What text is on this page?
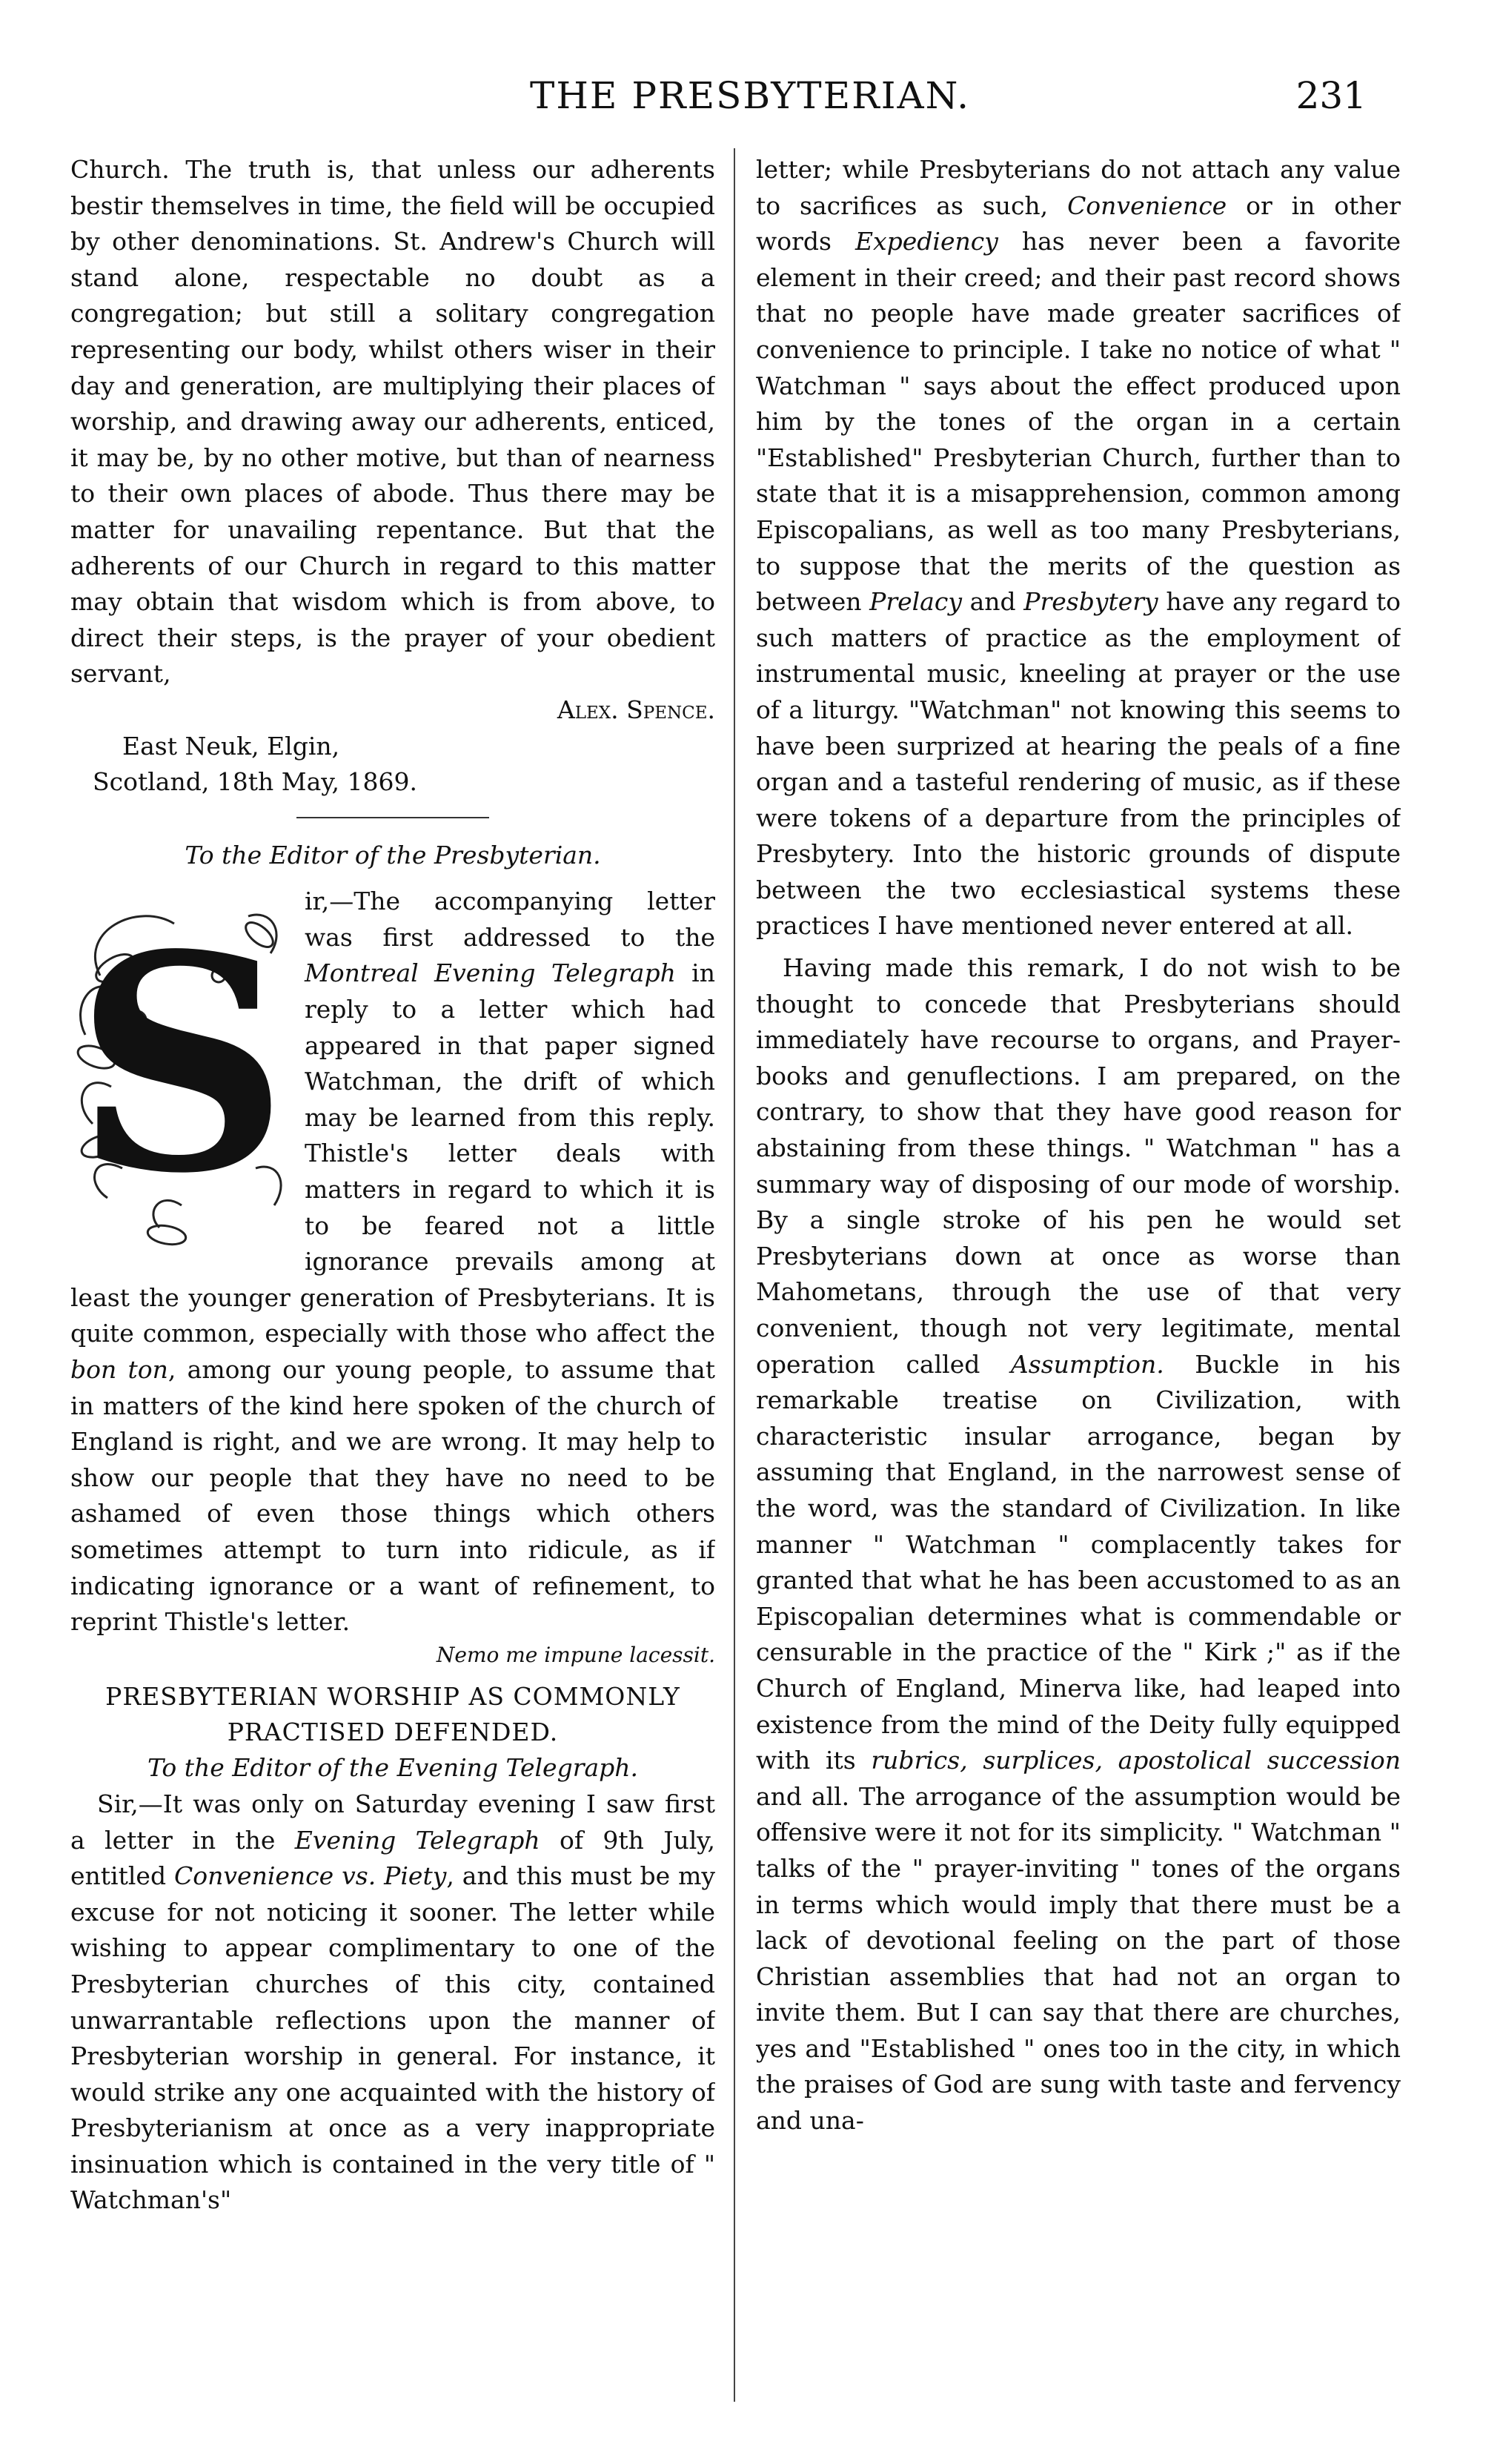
THE PRESBYTERIAN.	231

Church. The truth is, that unless our adherents bestir themselves in time, the field will be occupied by other denominations. St. Andrew's Church will stand alone, respectable no doubt as a congregation; but still a solitary congregation representing our body, whilst others wiser in their day and generation, are multiplying their places of worship, and drawing away our adherents, enticed, it may be, by no other motive, but than of nearness to their own places of abode. Thus there may be matter for unavailing repentance. But that the adherents of our Church in regard to this matter may obtain that wisdom which is from above, to direct their steps, is the prayer of your obedient servant,

Alex. Spence.

East Neuk, Elgin,

Scotland, 18th May, 1869.

To the Editor of the Presbyterian.

S ir,—The accompanying letter was first addressed to the Montreal Evening Telegraph in reply to a letter which had appeared in that paper signed Watchman, the drift of which may be learned from this reply. Thistle's letter deals with matters in regard to which it is to be feared not a little ignorance prevails among at least the younger generation of Presbyterians. It is quite common, especially with those who affect the bon ton, among our young people, to assume that in matters of the kind here spoken of the church of England is right, and we are wrong. It may help to show our people that they have no need to be ashamed of even those things which others sometimes attempt to turn into ridicule, as if indicating ignorance or a want of refinement, to reprint Thistle's letter.

Nemo me impune lacessit.

PRESBYTERIAN WORSHIP AS COMMONLY PRACTISED DEFENDED.

To the Editor of the Evening Telegraph.

Sir,—It was only on Saturday evening I saw first a letter in the Evening Telegraph of 9th July, entitled Convenience vs. Piety, and this must be my excuse for not noticing it sooner. The letter while wishing to appear complimentary to one of the Presbyterian churches of this city, contained unwarrantable reflections upon the manner of Presbyterian worship in general. For instance, it would strike any one acquainted with the history of Presbyterianism at once as a very inappropriate insinuation which is contained in the very title of " Watchman's"

letter; while Presbyterians do not attach any value to sacrifices as such, Convenience or in other words Expediency has never been a favorite element in their creed; and their past record shows that no people have made greater sacrifices of convenience to principle. I take no notice of what " Watchman " says about the effect produced upon him by the tones of the organ in a certain "Established" Presbyterian Church, further than to state that it is a misapprehension, common among Episcopalians, as well as too many Presbyterians, to suppose that the merits of the question as between Prelacy and Presbytery have any regard to such matters of practice as the employment of instrumental music, kneeling at prayer or the use of a liturgy. "Watchman" not knowing this seems to have been surprized at hearing the peals of a fine organ and a tasteful rendering of music, as if these were tokens of a departure from the principles of Presbytery. Into the historic grounds of dispute between the two ecclesiastical systems these practices I have mentioned never entered at all.

Having made this remark, I do not wish to be thought to concede that Presbyterians should immediately have recourse to organs, and Prayer-books and genuflections. I am prepared, on the contrary, to show that they have good reason for abstaining from these things. " Watchman " has a summary way of disposing of our mode of worship. By a single stroke of his pen he would set Presbyterians down at once as worse than Mahometans, through the use of that very convenient, though not very legitimate, mental operation called Assumption. Buckle in his remarkable treatise on Civilization, with characteristic insular arrogance, began by assuming that England, in the narrowest sense of the word, was the standard of Civilization. In like manner " Watchman " complacently takes for granted that what he has been accustomed to as an Episcopalian determines what is commendable or censurable in the practice of the " Kirk ;" as if the Church of England, Minerva like, had leaped into existence from the mind of the Deity fully equipped with its rubrics, surplices, apostolical succession and all. The arrogance of the assumption would be offensive were it not for its simplicity. " Watchman " talks of the " prayer-inviting " tones of the organs in terms which would imply that there must be a lack of devotional feeling on the part of those Christian assemblies that had not an organ to invite them. But I can say that there are churches, yes and "Established " ones too in the city, in which the praises of God are sung with taste and fervency and una-
